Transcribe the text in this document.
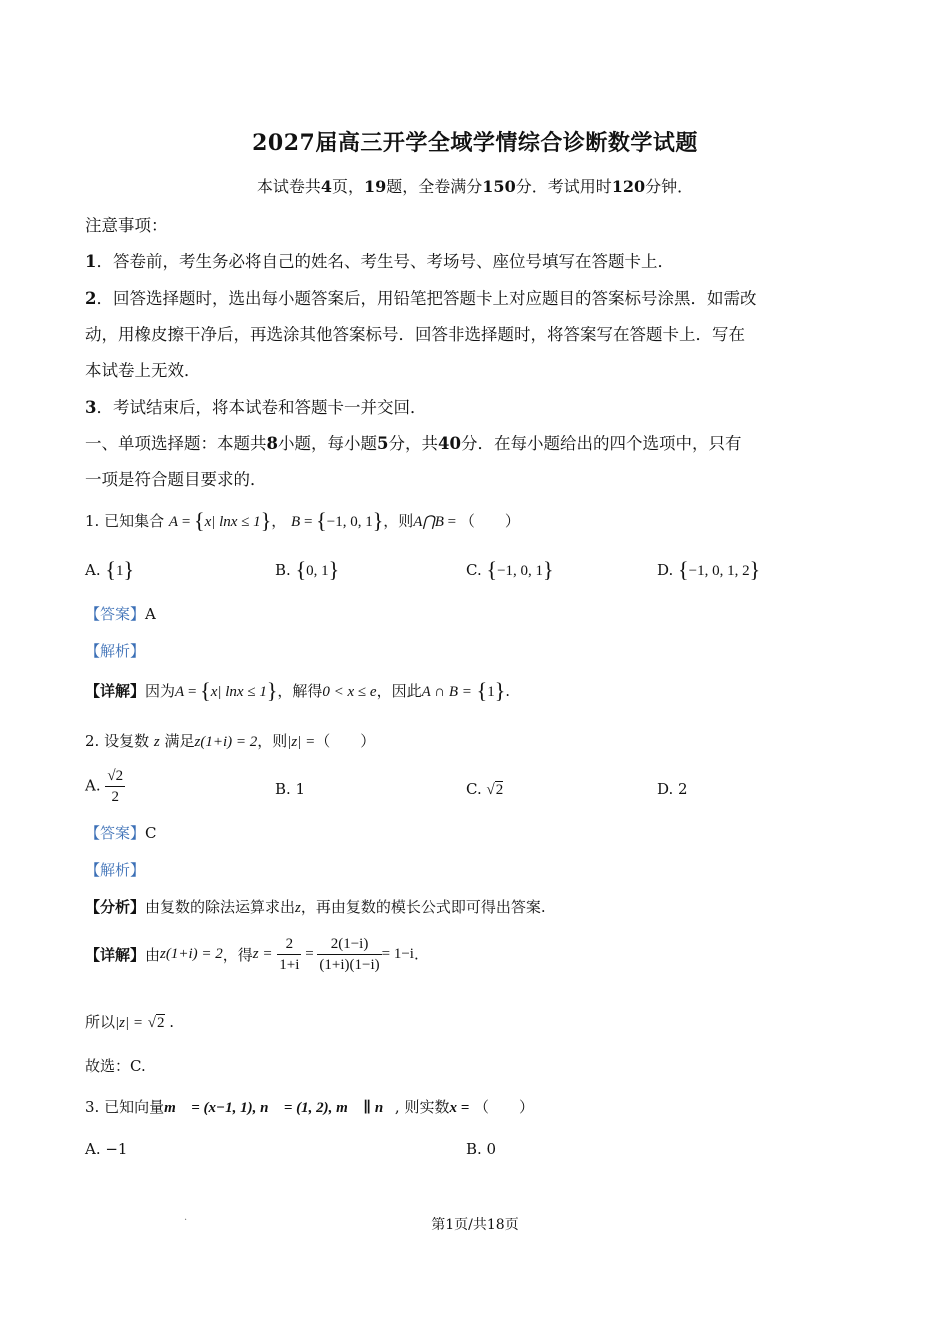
2027届高三开学全域学情综合诊断数学试题
本试卷共4页，19题，全卷满分150分．考试用时120分钟．
注意事项：
1．答卷前，考生务必将自己的姓名、考生号、考场号、座位号填写在答题卡上．
2．回答选择题时，选出每小题答案后，用铅笔把答题卡上对应题目的答案标号涂黑．如需改
动，用橡皮擦干净后，再选涂其他答案标号．回答非选择题时，将答案写在答题卡上．写在
本试卷上无效．
3．考试结束后，将本试卷和答题卡一并交回．
一、单项选择题：本题共8小题，每小题5分，共40分．在每小题给出的四个选项中，只有
一项是符合题目要求的．
1. 已知集合 A = {x| lnx ≤ 1}， B = {−1, 0, 1}，则A⋂B = （　　）
A. {1}	B. {0, 1}	C. {−1, 0, 1}	D. {−1, 0, 1, 2}
【答案】A
【解析】
【详解】因为A = {x| lnx ≤ 1}，解得0 < x ≤ e，因此A ∩ B = {1}.
2. 设复数 z 满足z(1+i) = 2，则|z| =（　　）
A. $\frac{√2}{2}$	B. 1	C. √2	D. 2
【答案】C
【解析】
【分析】由复数的除法运算求出z，再由复数的模长公式即可得出答案.
【详解】由z(1+i) = 2，得$z = \frac{2}{1+i} = \frac{2(1-i)}{(1+i)(1-i)} = 1-i$.
所以|z| = √2 .
故选：C.
3. 已知向量m⃗ = (x−1, 1), n⃗ = (1, 2), m⃗ ∥ n⃗, 则实数x = （　　）
A. −1	B. 0
.	第1页/共18页
